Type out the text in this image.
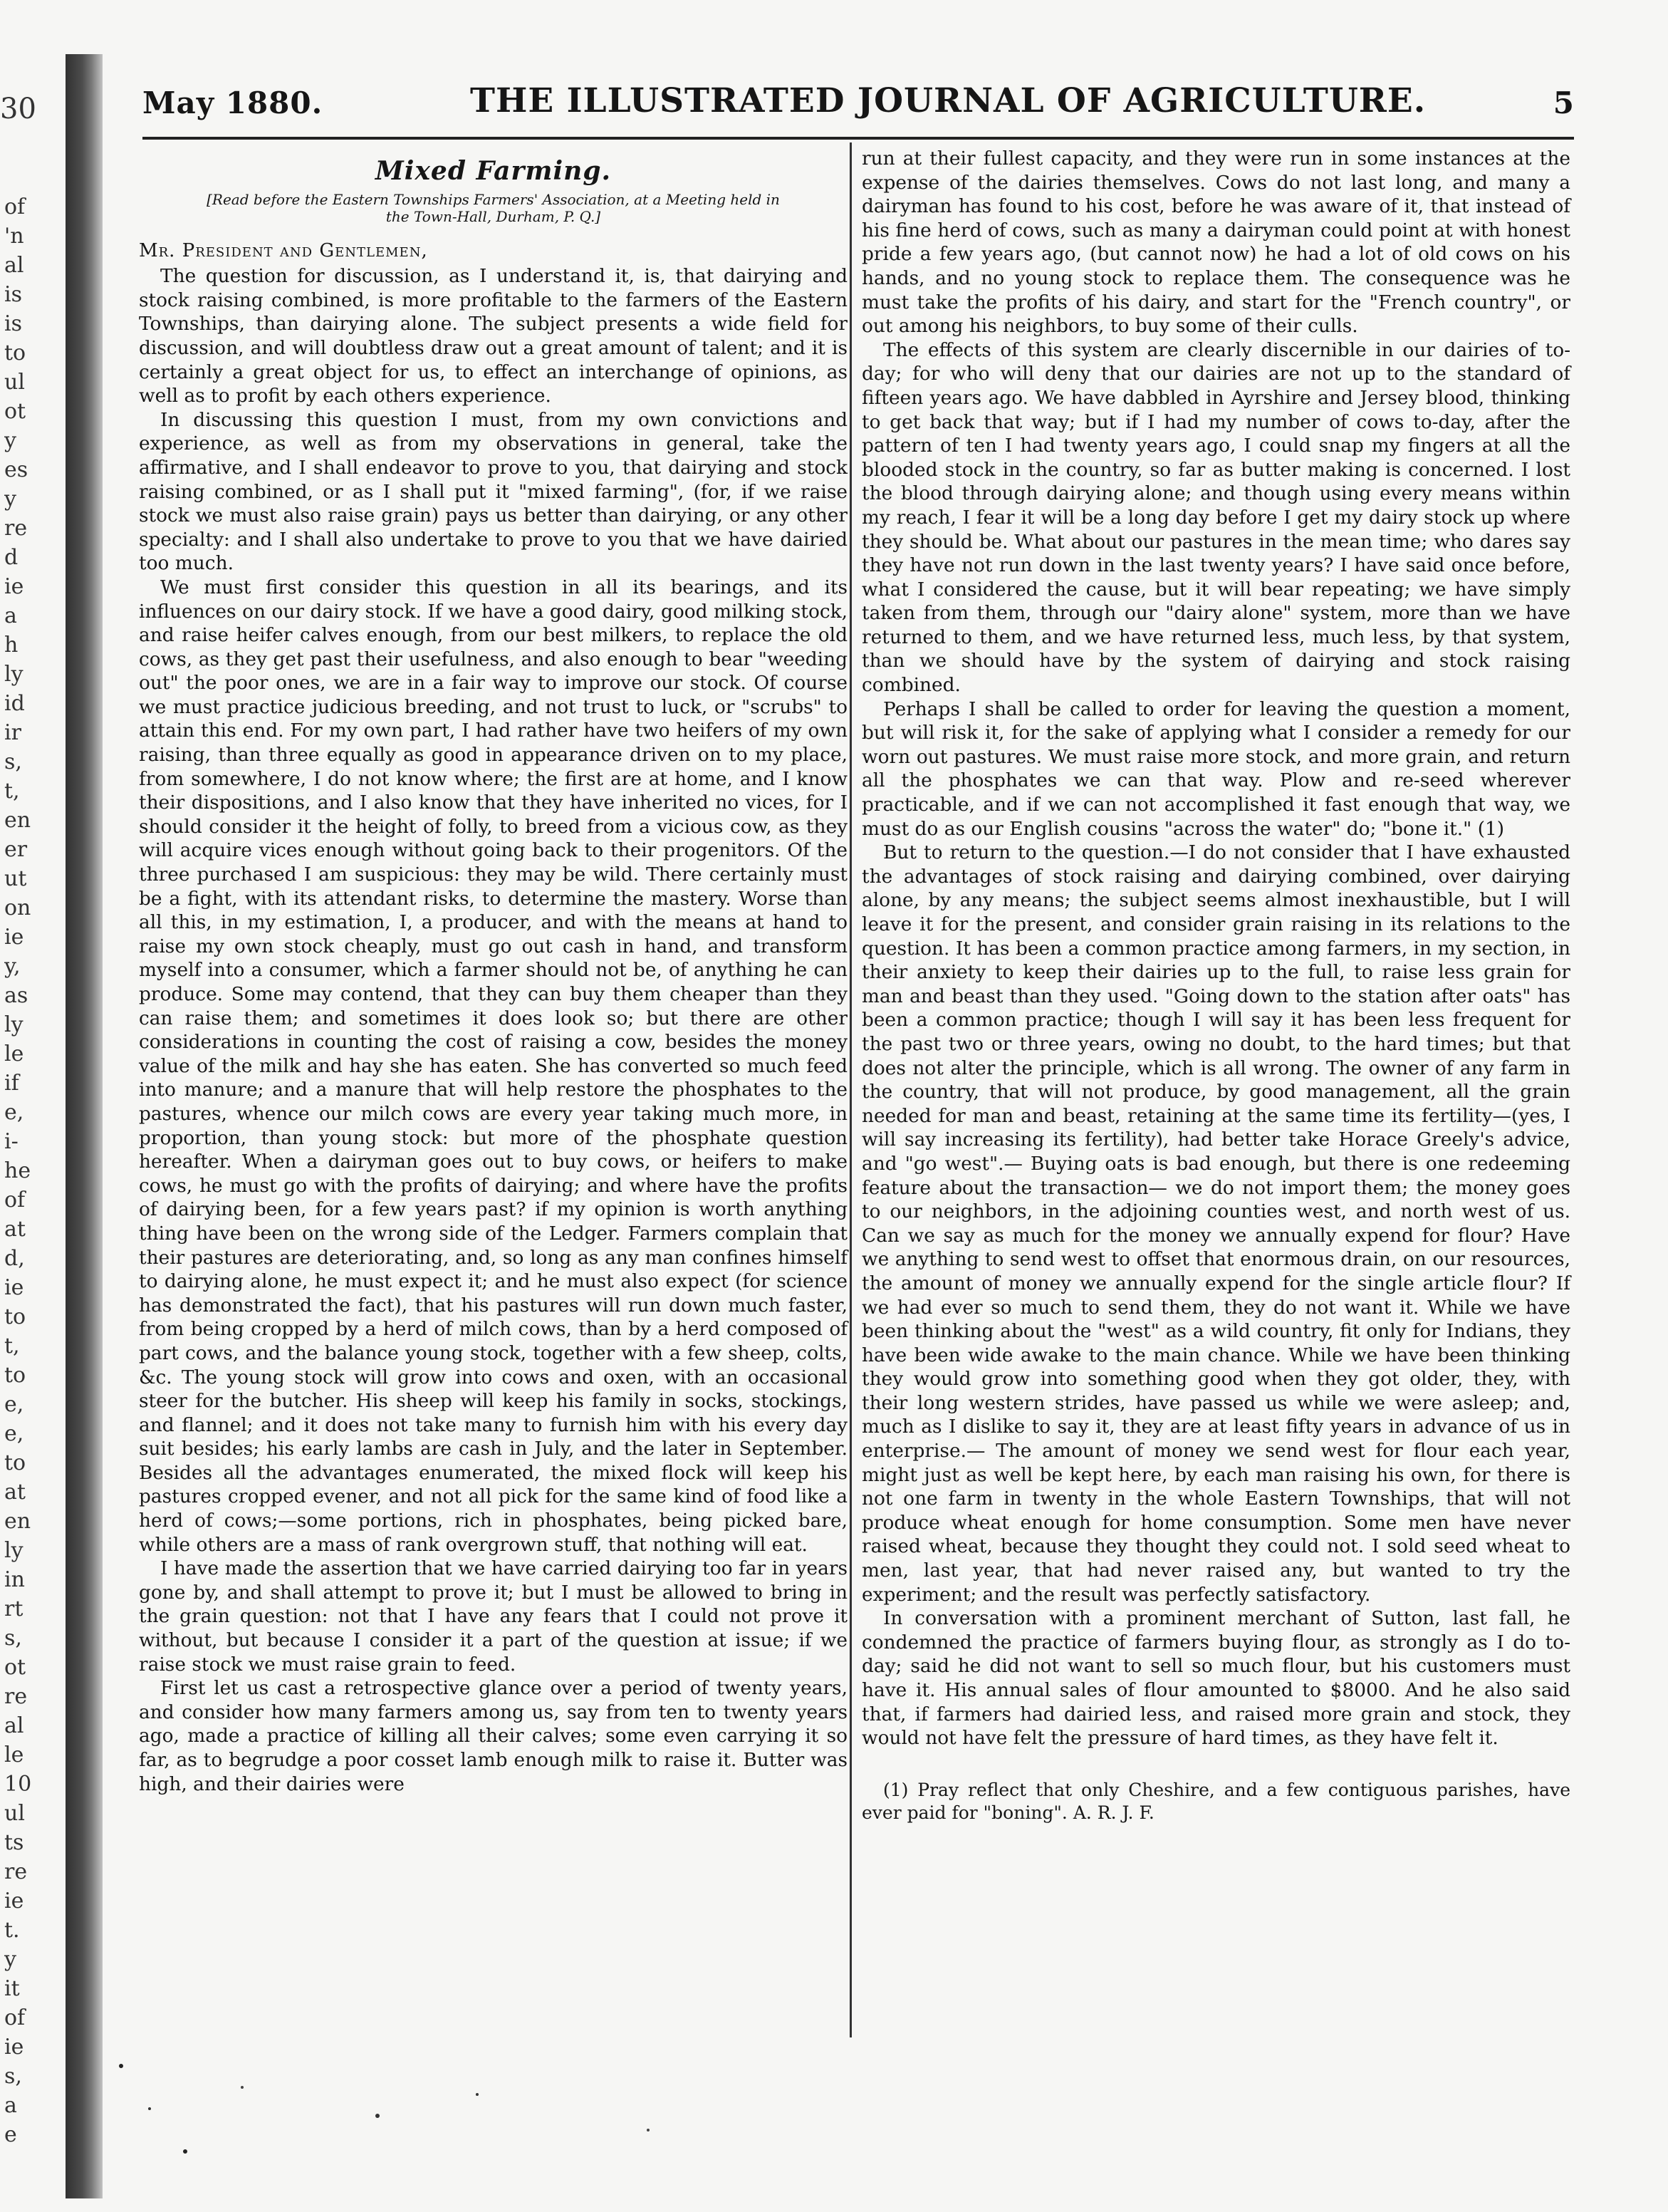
30
of
'n
al
is
is
to
ul
ot
y
es
y
re
d
ie
a
h
ly
id
ir
s,
t,
en
er
ut
on
ie
y,
as
ly
le
if
e,
i-
he
of
at
d,
ie
to
t,
to
e,
e,
to
at
en
ly
in
rt
s,
ot
re
al
le
10
ul
ts
re
ie
t.
y
it
of
ie
s,
a
e
May 1880.	THE ILLUSTRATED JOURNAL OF AGRICULTURE.	5
Mixed Farming.
[Read before the Eastern Townships Farmers' Association, at a Meeting held in the Town-Hall, Durham, P. Q.]
Mr. President and Gentlemen,

The question for discussion, as I understand it, is, that dairying and stock raising combined, is more profitable to the farmers of the Eastern Townships, than dairying alone. The subject presents a wide field for discussion, and will doubtless draw out a great amount of talent; and it is certainly a great object for us, to effect an interchange of opinions, as well as to profit by each others experience.

In discussing this question I must, from my own convictions and experience, as well as from my observations in general, take the affirmative, and I shall endeavor to prove to you, that dairying and stock raising combined, or as I shall put it "mixed farming", (for, if we raise stock we must also raise grain) pays us better than dairying, or any other specialty: and I shall also undertake to prove to you that we have dairied too much.

We must first consider this question in all its bearings, and its influences on our dairy stock. If we have a good dairy, good milking stock, and raise heifer calves enough, from our best milkers, to replace the old cows, as they get past their usefulness, and also enough to bear "weeding out" the poor ones, we are in a fair way to improve our stock. Of course we must practice judicious breeding, and not trust to luck, or "scrubs" to attain this end. For my own part, I had rather have two heifers of my own raising, than three equally as good in appearance driven on to my place, from somewhere, I do not know where; the first are at home, and I know their dispositions, and I also know that they have inherited no vices, for I should consider it the height of folly, to breed from a vicious cow, as they will acquire vices enough without going back to their progenitors. Of the three purchased I am suspicious: they may be wild. There certainly must be a fight, with its attendant risks, to determine the mastery. Worse than all this, in my estimation, I, a producer, and with the means at hand to raise my own stock cheaply, must go out cash in hand, and transform myself into a consumer, which a farmer should not be, of anything he can produce. Some may contend, that they can buy them cheaper than they can raise them; and sometimes it does look so; but there are other considerations in counting the cost of raising a cow, besides the money value of the milk and hay she has eaten. She has converted so much feed into manure; and a manure that will help restore the phosphates to the pastures, whence our milch cows are every year taking much more, in proportion, than young stock: but more of the phosphate question hereafter. When a dairyman goes out to buy cows, or heifers to make cows, he must go with the profits of dairying; and where have the profits of dairying been, for a few years past? if my opinion is worth anything thing have been on the wrong side of the Ledger. Farmers complain that their pastures are deteriorating, and, so long as any man confines himself to dairying alone, he must expect it; and he must also expect (for science has demonstrated the fact), that his pastures will run down much faster, from being cropped by a herd of milch cows, than by a herd composed of part cows, and the balance young stock, together with a few sheep, colts, &c. The young stock will grow into cows and oxen, with an occasional steer for the butcher. His sheep will keep his family in socks, stockings, and flannel; and it does not take many to furnish him with his every day suit besides; his early lambs are cash in July, and the later in September. Besides all the advantages enumerated, the mixed flock will keep his pastures cropped evener, and not all pick for the same kind of food like a herd of cows;—some portions, rich in phosphates, being picked bare, while others are a mass of rank overgrown stuff, that nothing will eat.

I have made the assertion that we have carried dairying too far in years gone by, and shall attempt to prove it; but I must be allowed to bring in the grain question: not that I have any fears that I could not prove it without, but because I consider it a part of the question at issue; if we raise stock we must raise grain to feed.

First let us cast a retrospective glance over a period of twenty years, and consider how many farmers among us, say from ten to twenty years ago, made a practice of killing all their calves; some even carrying it so far, as to begrudge a poor cosset lamb enough milk to raise it. Butter was high, and their dairies were

run at their fullest capacity, and they were run in some instances at the expense of the dairies themselves. Cows do not last long, and many a dairyman has found to his cost, before he was aware of it, that instead of his fine herd of cows, such as many a dairyman could point at with honest pride a few years ago, (but cannot now) he had a lot of old cows on his hands, and no young stock to replace them. The consequence was he must take the profits of his dairy, and start for the "French country", or out among his neighbors, to buy some of their culls.

The effects of this system are clearly discernible in our dairies of to-day; for who will deny that our dairies are not up to the standard of fifteen years ago. We have dabbled in Ayrshire and Jersey blood, thinking to get back that way; but if I had my number of cows to-day, after the pattern of ten I had twenty years ago, I could snap my fingers at all the blooded stock in the country, so far as butter making is concerned. I lost the blood through dairying alone; and though using every means within my reach, I fear it will be a long day before I get my dairy stock up where they should be. What about our pastures in the mean time; who dares say they have not run down in the last twenty years? I have said once before, what I considered the cause, but it will bear repeating; we have simply taken from them, through our "dairy alone" system, more than we have returned to them, and we have returned less, much less, by that system, than we should have by the system of dairying and stock raising combined.

Perhaps I shall be called to order for leaving the question a moment, but will risk it, for the sake of applying what I consider a remedy for our worn out pastures. We must raise more stock, and more grain, and return all the phosphates we can that way. Plow and re-seed wherever practicable, and if we can not accomplished it fast enough that way, we must do as our English cousins "across the water" do; "bone it." (1)

But to return to the question.—I do not consider that I have exhausted the advantages of stock raising and dairying combined, over dairying alone, by any means; the subject seems almost inexhaustible, but I will leave it for the present, and consider grain raising in its relations to the question. It has been a common practice among farmers, in my section, in their anxiety to keep their dairies up to the full, to raise less grain for man and beast than they used. "Going down to the station after oats" has been a common practice; though I will say it has been less frequent for the past two or three years, owing no doubt, to the hard times; but that does not alter the principle, which is all wrong. The owner of any farm in the country, that will not produce, by good management, all the grain needed for man and beast, retaining at the same time its fertility—(yes, I will say increasing its fertility), had better take Horace Greely's advice, and "go west".— Buying oats is bad enough, but there is one redeeming feature about the transaction— we do not import them; the money goes to our neighbors, in the adjoining counties west, and north west of us. Can we say as much for the money we annually expend for flour? Have we anything to send west to offset that enormous drain, on our resources, the amount of money we annually expend for the single article flour? If we had ever so much to send them, they do not want it. While we have been thinking about the "west" as a wild country, fit only for Indians, they have been wide awake to the main chance. While we have been thinking they would grow into something good when they got older, they, with their long western strides, have passed us while we were asleep; and, much as I dislike to say it, they are at least fifty years in advance of us in enterprise.— The amount of money we send west for flour each year, might just as well be kept here, by each man raising his own, for there is not one farm in twenty in the whole Eastern Townships, that will not produce wheat enough for home consumption. Some men have never raised wheat, because they thought they could not. I sold seed wheat to men, last year, that had never raised any, but wanted to try the experiment; and the result was perfectly satisfactory.

In conversation with a prominent merchant of Sutton, last fall, he condemned the practice of farmers buying flour, as strongly as I do to-day; said he did not want to sell so much flour, but his customers must have it. His annual sales of flour amounted to $8000. And he also said that, if farmers had dairied less, and raised more grain and stock, they would not have felt the pressure of hard times, as they have felt it.

(1) Pray reflect that only Cheshire, and a few contiguous parishes, have ever paid for "boning". A. R. J. F.
